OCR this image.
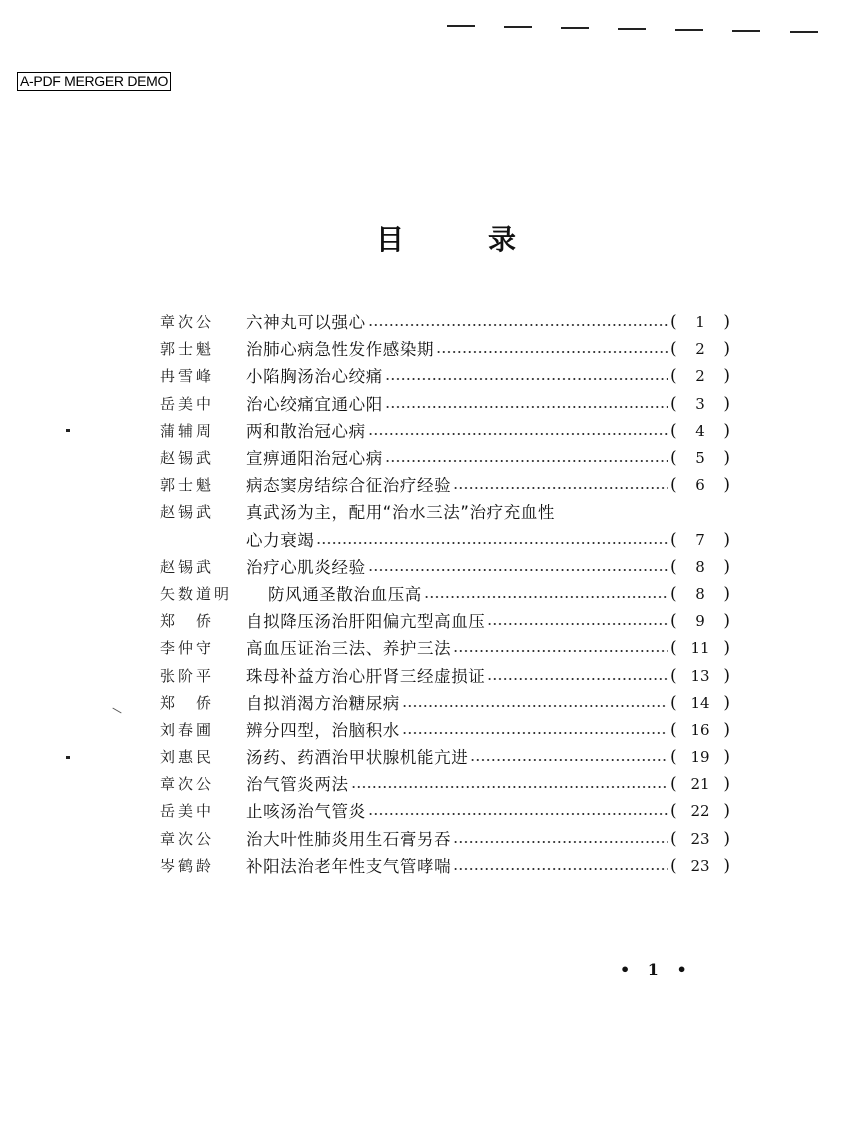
A-PDF MERGER DEMO
目	录
章次公	六神丸可以强心	(	1	)
郭士魁	治肺心病急性发作感染期	(	2	)
冉雪峰	小陷胸汤治心绞痛	(	2	)
岳美中	治心绞痛宜通心阳	(	3	)
蒲辅周	两和散治冠心病	(	4	)
赵锡武	宣痹通阳治冠心病	(	5	)
郭士魁	病态窦房结综合征治疗经验	(	6	)
赵锡武	真武汤为主，配用“治水三法”治疗充血性
心力衰竭	(	7	)
赵锡武	治疗心肌炎经验	(	8	)
矢数道明	防风通圣散治血压高	(	8	)
郑　侨	自拟降压汤治肝阳偏亢型高血压	(	9	)
李仲守	高血压证治三法、养护三法	( 11 )
张阶平	珠母补益方治心肝肾三经虚损证	( 13 )
郑　侨	自拟消渴方治糖尿病	( 14 )
刘春圃	辨分四型，治脑积水	( 16 )
刘惠民	汤药、药酒治甲状腺机能亢进	( 19 )
章次公	治气管炎两法	( 21 )
岳美中	止咳汤治气管炎	( 22 )
章次公	治大叶性肺炎用生石膏另吞	( 23 )
岑鹤龄	补阳法治老年性支气管哮喘	( 23 )
• 1 •
